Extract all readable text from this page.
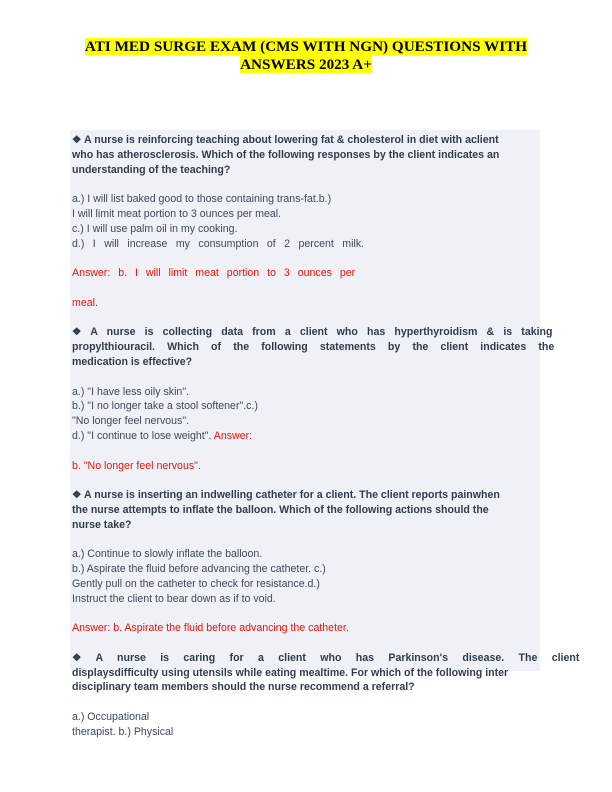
ATI MED SURGE EXAM (CMS WITH NGN) QUESTIONS WITH
ANSWERS 2023 A+
❖ A nurse is reinforcing teaching about lowering fat & cholesterol in diet with aclient
who has atherosclerosis. Which of the following responses by the client indicates an
understanding of the teaching?
a.) I will list baked good to those containing trans-fat.b.)
I will limit meat portion to 3 ounces per meal.
c.) I will use palm oil in my cooking.
d.) I will increase my consumption of 2 percent milk.
Answer: b. I will limit meat portion to 3 ounces per
meal.
❖ A nurse is collecting data from a client who has hyperthyroidism & is taking
propylthiouracil. Which of the following statements by the client indicates the
medication is effective?
a.) "I have less oily skin".
b.) "I no longer take a stool softener".c.)
"No longer feel nervous".
d.) "I continue to lose weight". Answer:
b. "No longer feel nervous".
❖ A nurse is inserting an indwelling catheter for a client. The client reports painwhen
the nurse attempts to inflate the balloon. Which of the following actions should the
nurse take?
a.) Continue to slowly inflate the balloon.
b.) Aspirate the fluid before advancing the catheter. c.)
Gently pull on the catheter to check for resistance.d.)
Instruct the client to bear down as if to void.
Answer: b. Aspirate the fluid before advancing the catheter.
❖ A nurse is caring for a client who has Parkinson's disease. The client
displaysdifficulty using utensils while eating mealtime. For which of the following inter
disciplinary team members should the nurse recommend a referral?
a.) Occupational
therapist. b.) Physical
